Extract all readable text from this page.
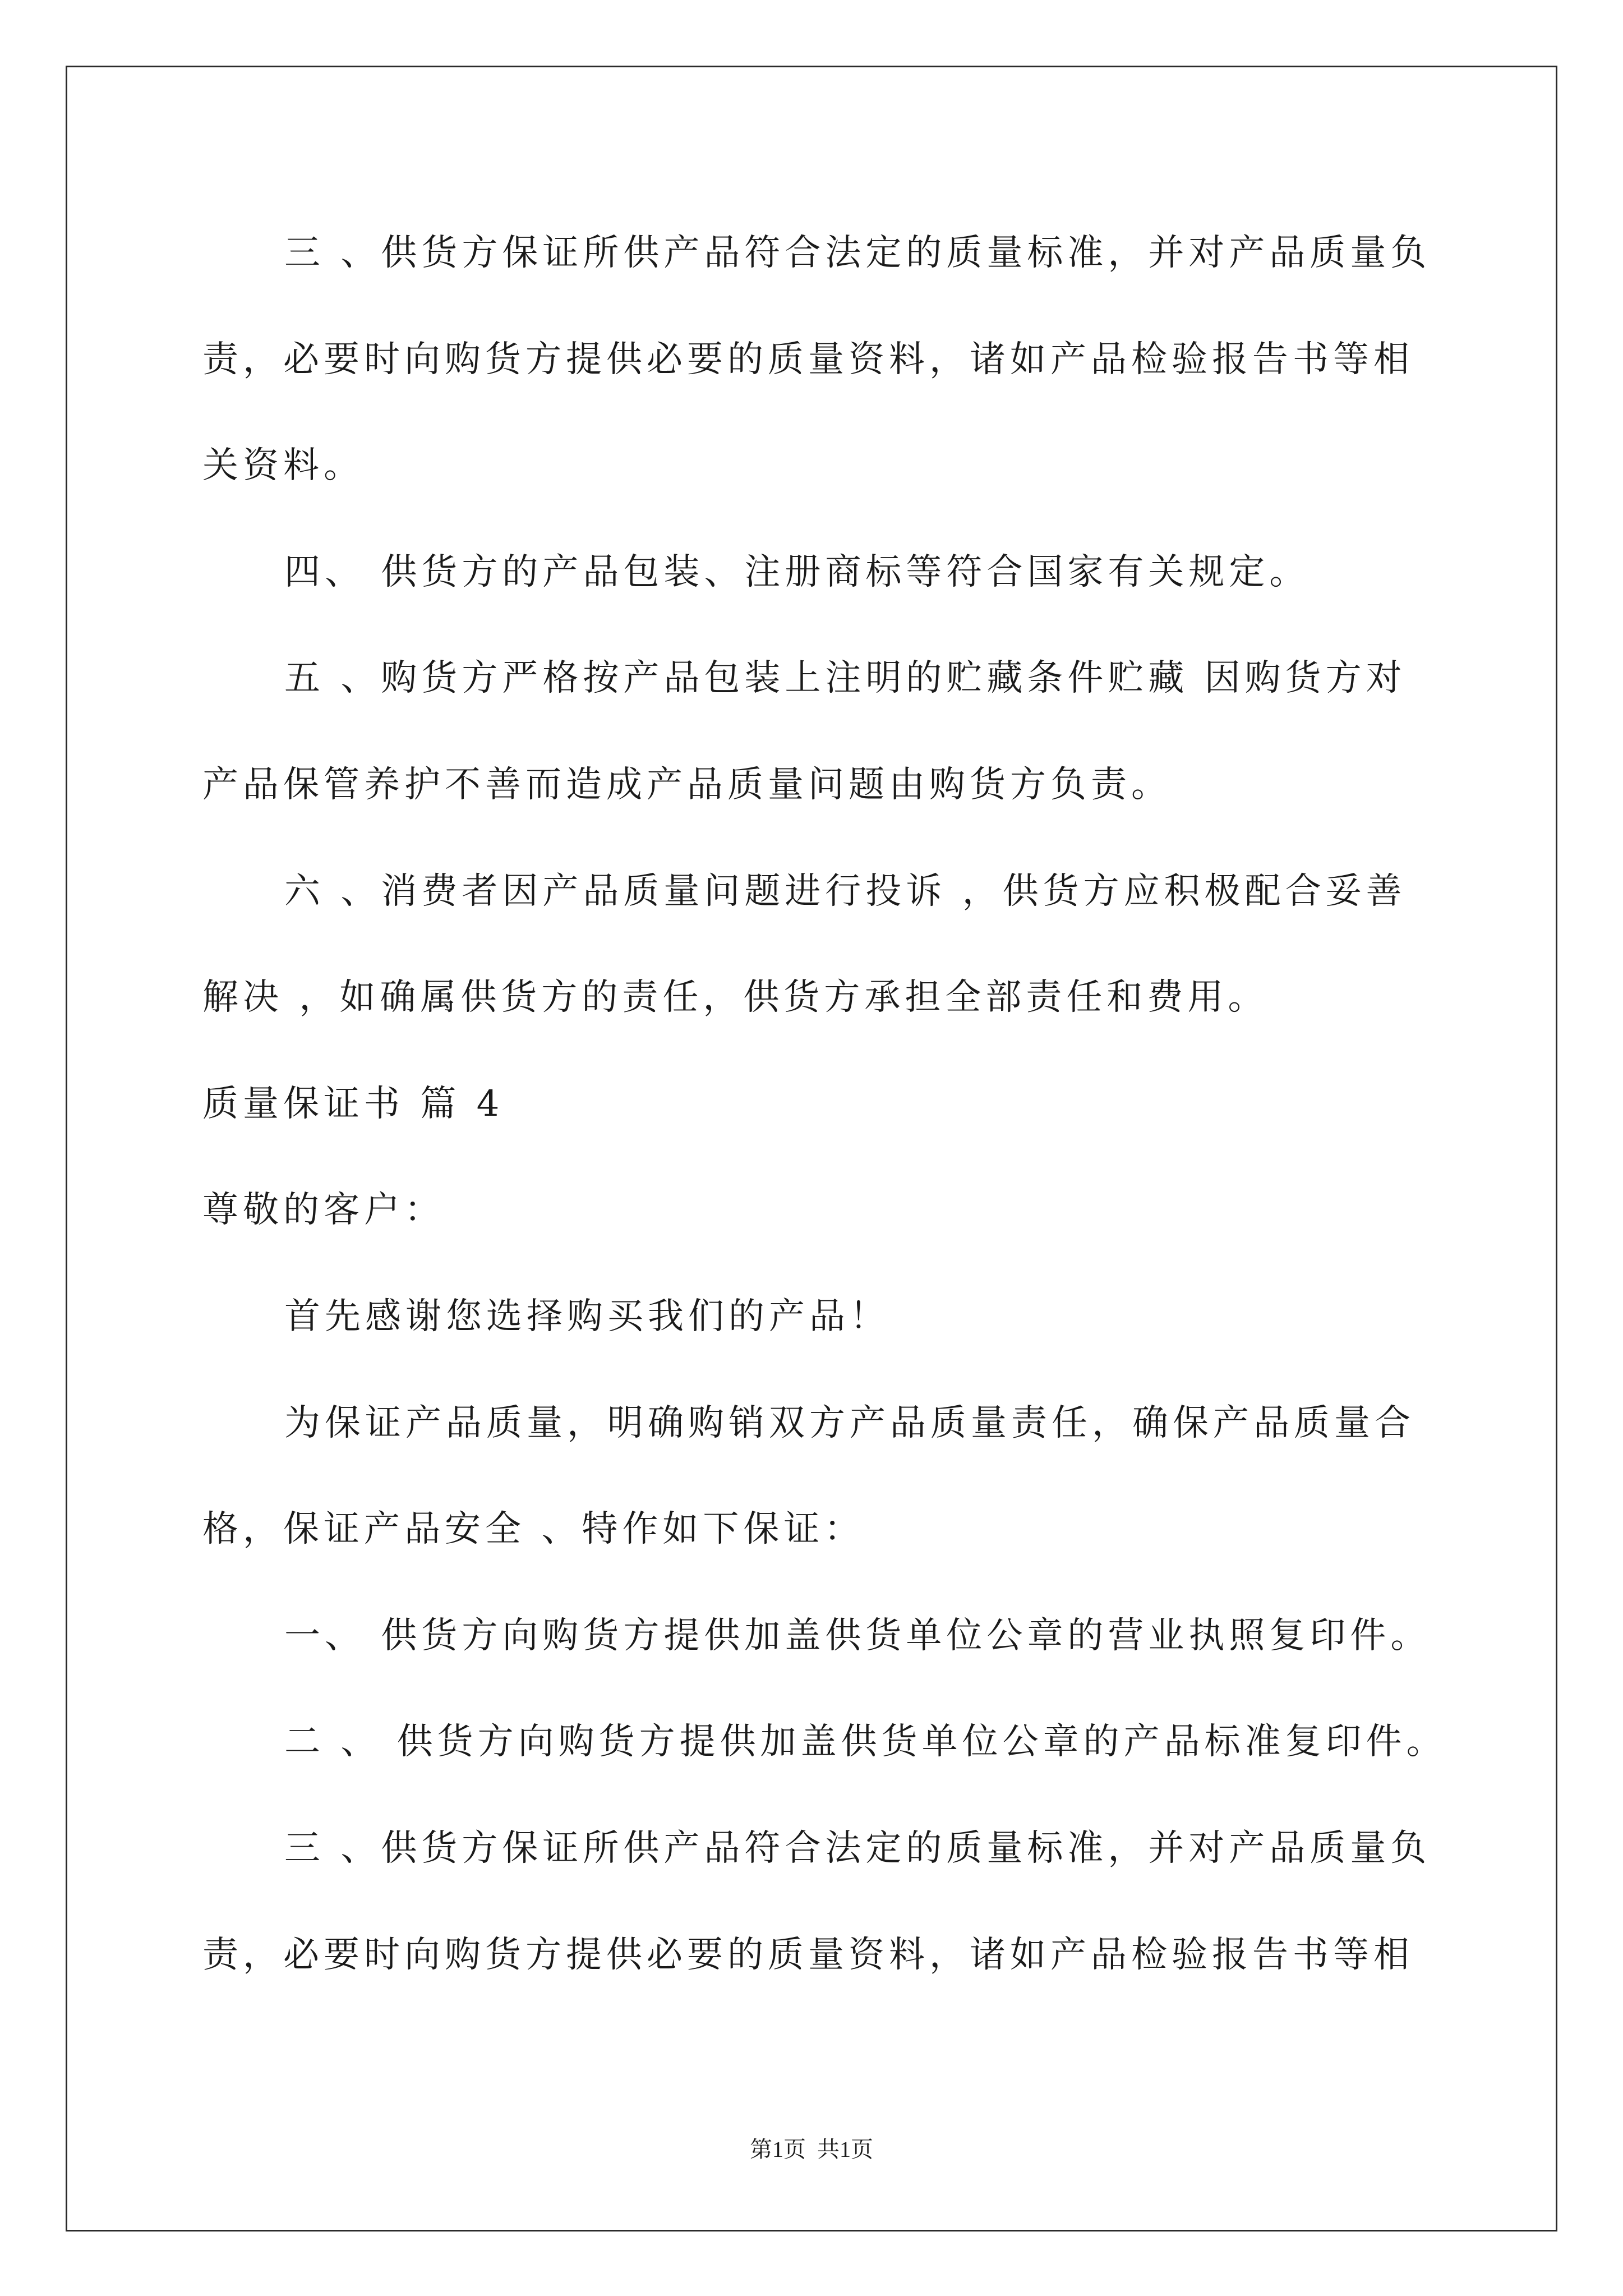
三 、供货方保证所供产品符合法定的质量标准，并对产品质量负
责，必要时向购货方提供必要的质量资料，诸如产品检验报告书等相
关资料。
四、 供货方的产品包装、注册商标等符合国家有关规定。
五 、购货方严格按产品包装上注明的贮藏条件贮藏 因购货方对
产品保管养护不善而造成产品质量问题由购货方负责。
六 、消费者因产品质量问题进行投诉 ，供货方应积极配合妥善
解决 ，如确属供货方的责任，供货方承担全部责任和费用。
质量保证书 篇 4
尊敬的客户：
首先感谢您选择购买我们的产品！
为保证产品质量，明确购销双方产品质量责任，确保产品质量合
格，保证产品安全 、特作如下保证：
一、 供货方向购货方提供加盖供货单位公章的营业执照复印件。
二 、 供货方向购货方提供加盖供货单位公章的产品标准复印件。
三 、供货方保证所供产品符合法定的质量标准，并对产品质量负
责，必要时向购货方提供必要的质量资料，诸如产品检验报告书等相
第1页  共1页
